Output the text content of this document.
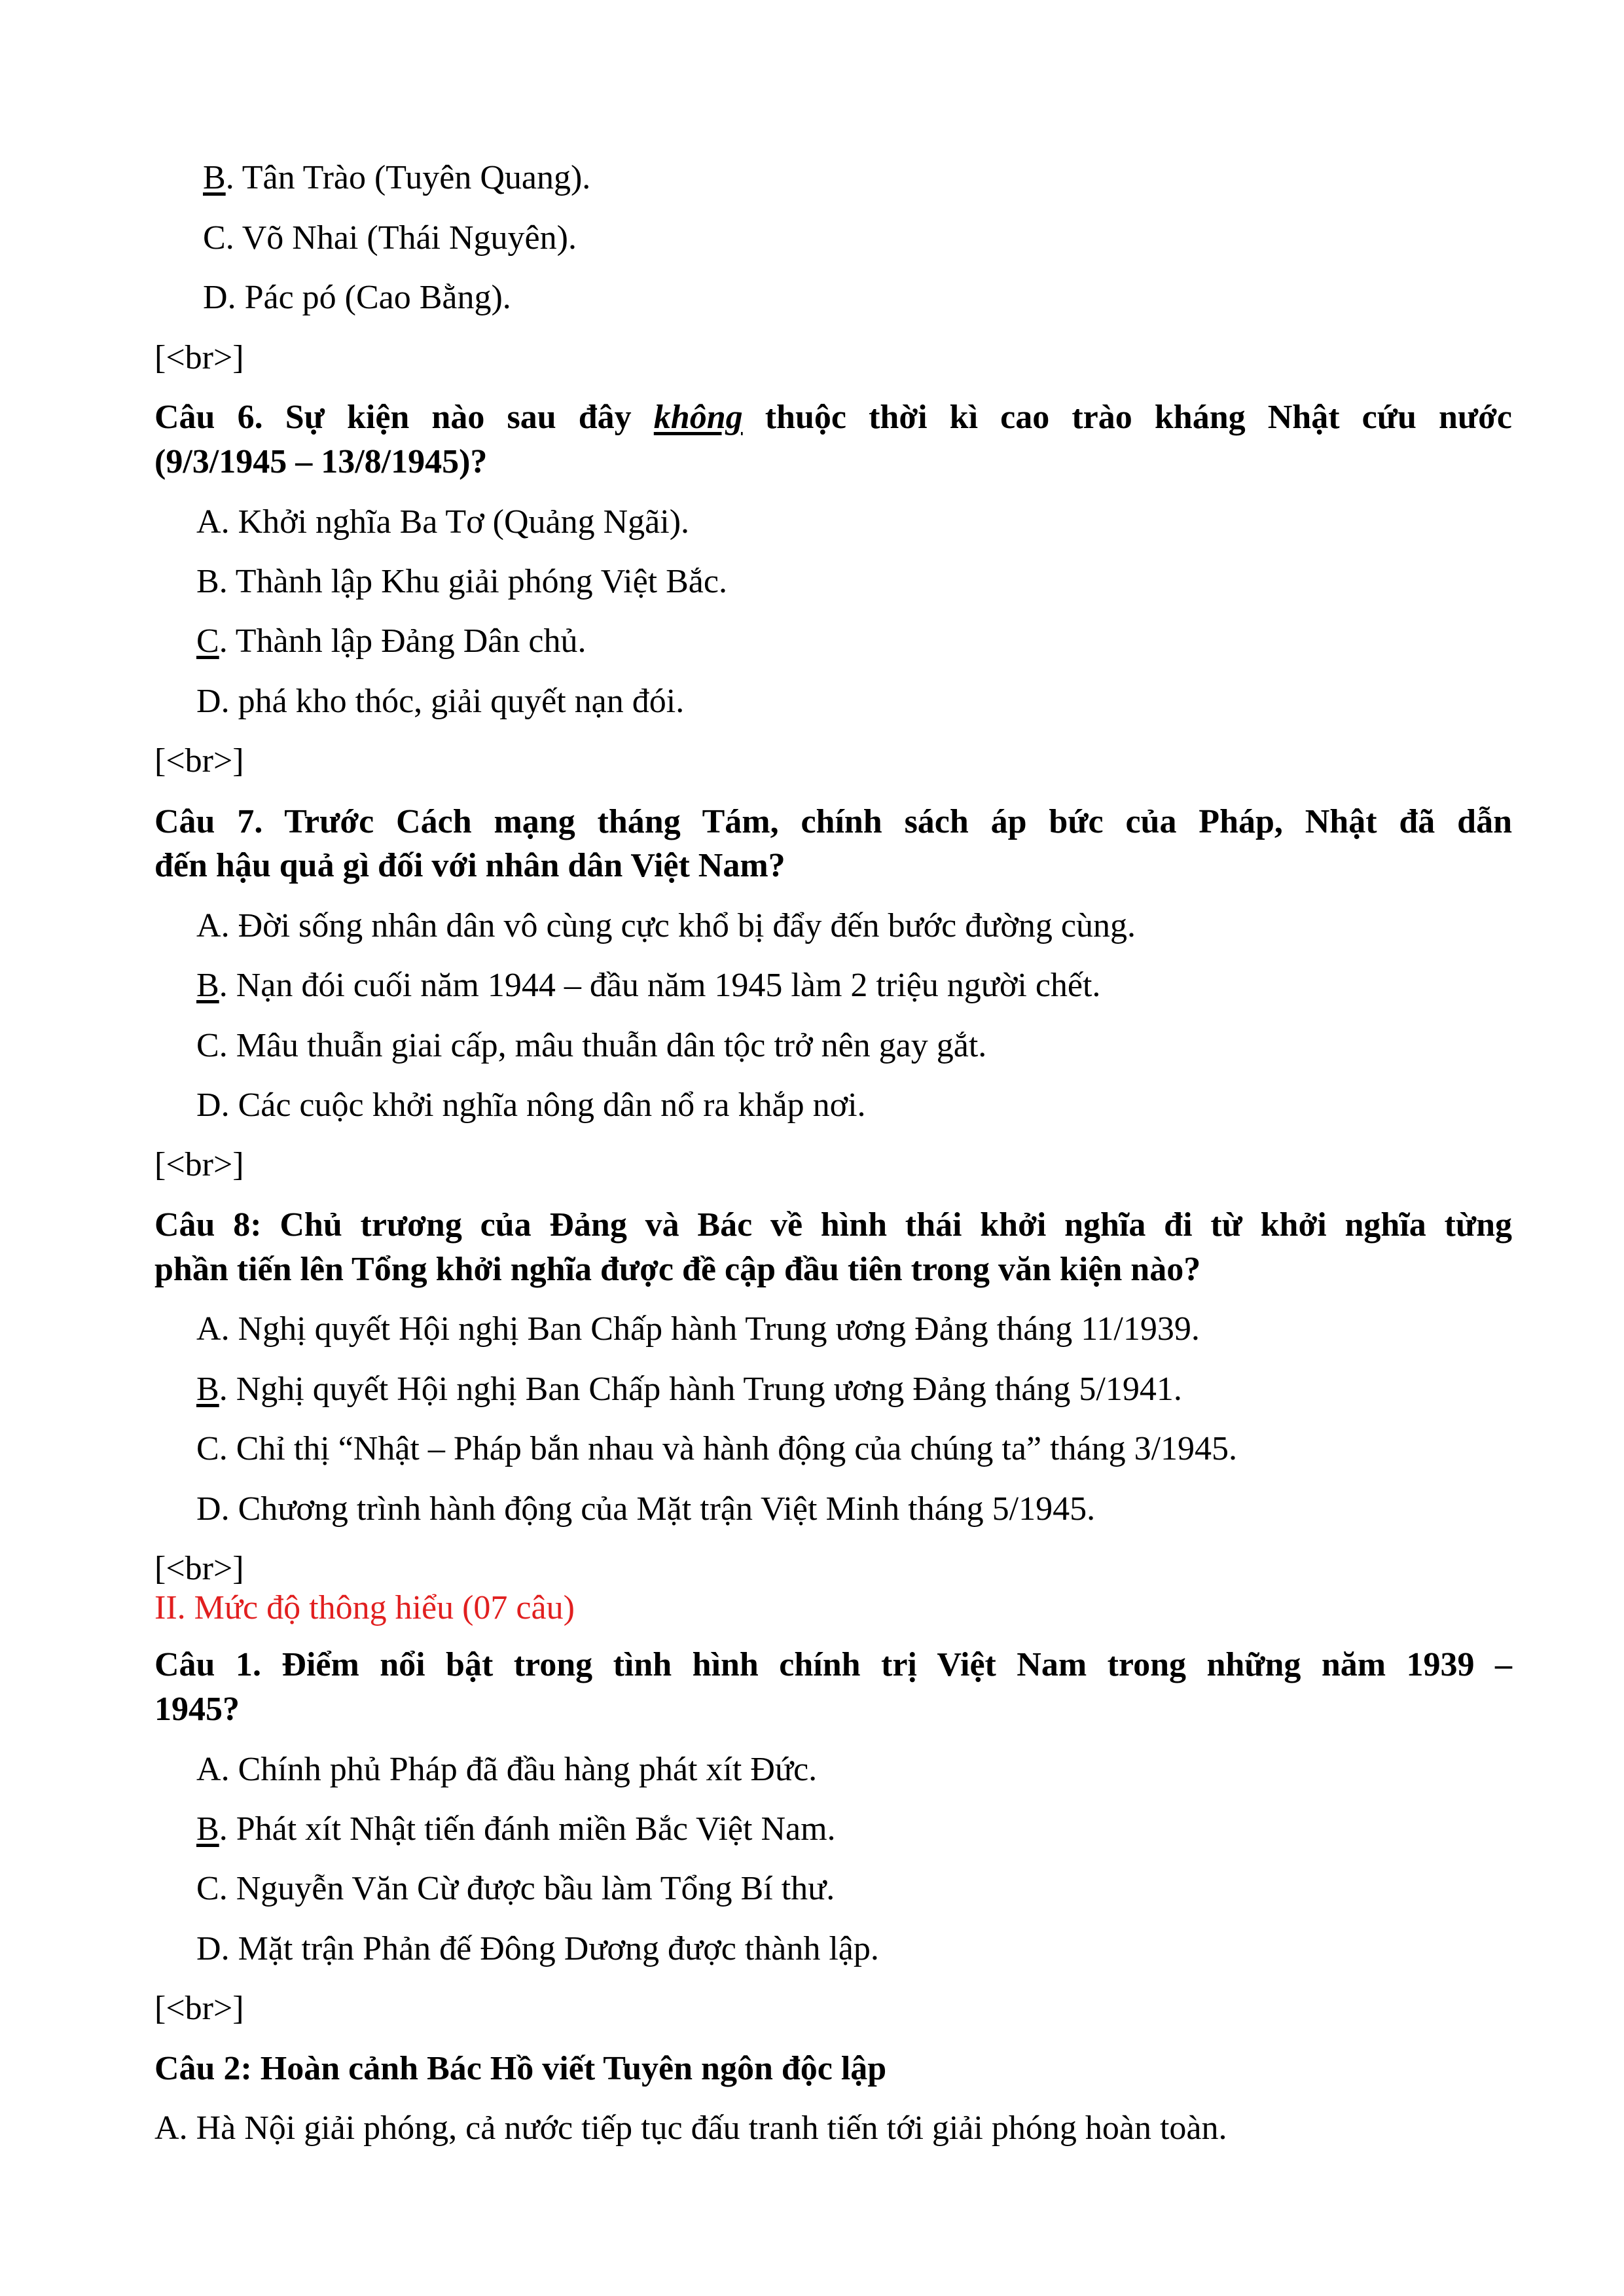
B. Tân Trào (Tuyên Quang).
C. Võ Nhai (Thái Nguyên).
D. Pác pó (Cao Bằng).
[<br>]
Câu 6. Sự kiện nào sau đây không thuộc thời kì cao trào kháng Nhật cứu nước
(9/3/1945 – 13/8/1945)?
A. Khởi nghĩa Ba Tơ (Quảng Ngãi).
B. Thành lập Khu giải phóng Việt Bắc.
C. Thành lập Đảng Dân chủ.
D. phá kho thóc, giải quyết nạn đói.
[<br>]
Câu 7. Trước Cách mạng tháng Tám, chính sách áp bức của Pháp, Nhật đã dẫn
đến hậu quả gì đối với nhân dân Việt Nam?
A. Đời sống nhân dân vô cùng cực khổ bị đẩy đến bước đường cùng.
B. Nạn đói cuối năm 1944 – đầu năm 1945 làm 2 triệu người chết.
C. Mâu thuẫn giai cấp, mâu thuẫn dân tộc trở nên gay gắt.
D. Các cuộc khởi nghĩa nông dân nổ ra khắp nơi.
[<br>]
Câu 8: Chủ trương của Đảng và Bác về hình thái khởi nghĩa đi từ khởi nghĩa từng
phần tiến lên Tổng khởi nghĩa được đề cập đầu tiên trong văn kiện nào?
A. Nghị quyết Hội nghị Ban Chấp hành Trung ương Đảng tháng 11/1939.
B. Nghị quyết Hội nghị Ban Chấp hành Trung ương Đảng tháng 5/1941.
C. Chỉ thị “Nhật – Pháp bắn nhau và hành động của chúng ta” tháng 3/1945.
D. Chương trình hành động của Mặt trận Việt Minh tháng 5/1945.
[<br>]
II. Mức độ thông hiểu (07 câu)
Câu 1. Điểm nổi bật trong tình hình chính trị Việt Nam trong những năm 1939 –
1945?
A. Chính phủ Pháp đã đầu hàng phát xít Đức.
B. Phát xít Nhật tiến đánh miền Bắc Việt Nam.
C. Nguyễn Văn Cừ được bầu làm Tổng Bí thư.
D. Mặt trận Phản đế Đông Dương được thành lập.
[<br>]
Câu 2: Hoàn cảnh Bác Hồ viết Tuyên ngôn độc lập
A. Hà Nội giải phóng, cả nước tiếp tục đấu tranh tiến tới giải phóng hoàn toàn.
